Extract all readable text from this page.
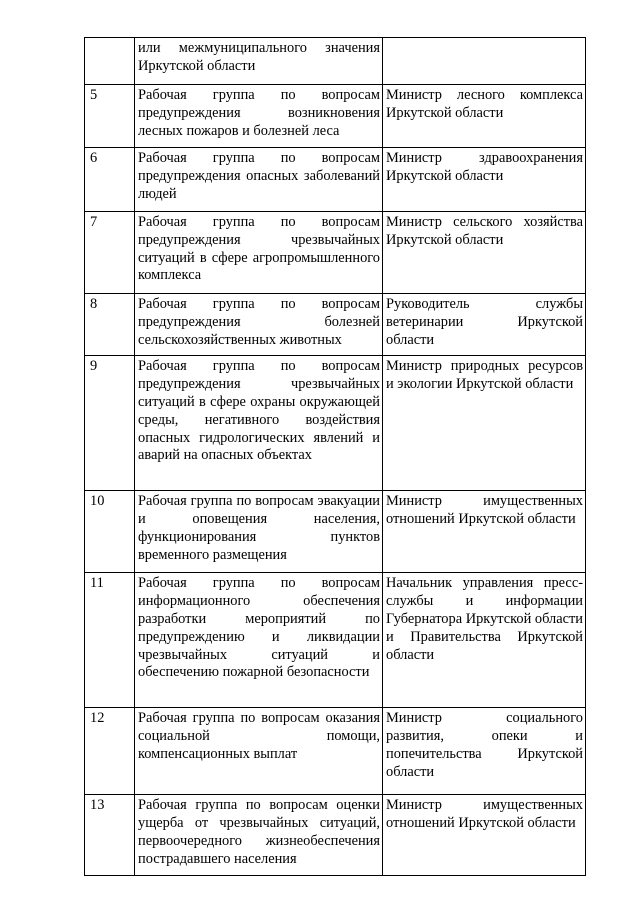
	или межмуниципального значения Иркутской области	
5	Рабочая группа по вопросам предупреждения возникновения лесных пожаров и болезней леса	Министр лесного комплекса Иркутской области
6	Рабочая группа по вопросам предупреждения опасных заболеваний людей	Министр здравоохранения Иркутской области
7	Рабочая группа по вопросам предупреждения чрезвычайных ситуаций в сфере агропромышленного комплекса	Министр сельского хозяйства Иркутской области
8	Рабочая группа по вопросам предупреждения болезней сельскохозяйственных животных	Руководитель службы ветеринарии Иркутской области
9	Рабочая группа по вопросам предупреждения чрезвычайных ситуаций в сфере охраны окружающей среды, негативного воздействия опасных гидрологических явлений и аварий на опасных объектах	Министр природных ресурсов и экологии Иркутской области
10	Рабочая группа по вопросам эвакуации и оповещения населения, функционирования пунктов временного размещения	Министр имущественных отношений Иркутской области
11	Рабочая группа по вопросам информационного обеспечения разработки мероприятий по предупреждению и ликвидации чрезвычайных ситуаций и обеспечению пожарной безопасности	Начальник управления пресс-службы и информации Губернатора Иркутской области и Правительства Иркутской области
12	Рабочая группа по вопросам оказания социальной помощи, компенсационных выплат	Министр социального развития, опеки и попечительства Иркутской области
13	Рабочая группа по вопросам оценки ущерба от чрезвычайных ситуаций, первоочередного жизнеобеспечения пострадавшего населения	Министр имущественных отношений Иркутской области
